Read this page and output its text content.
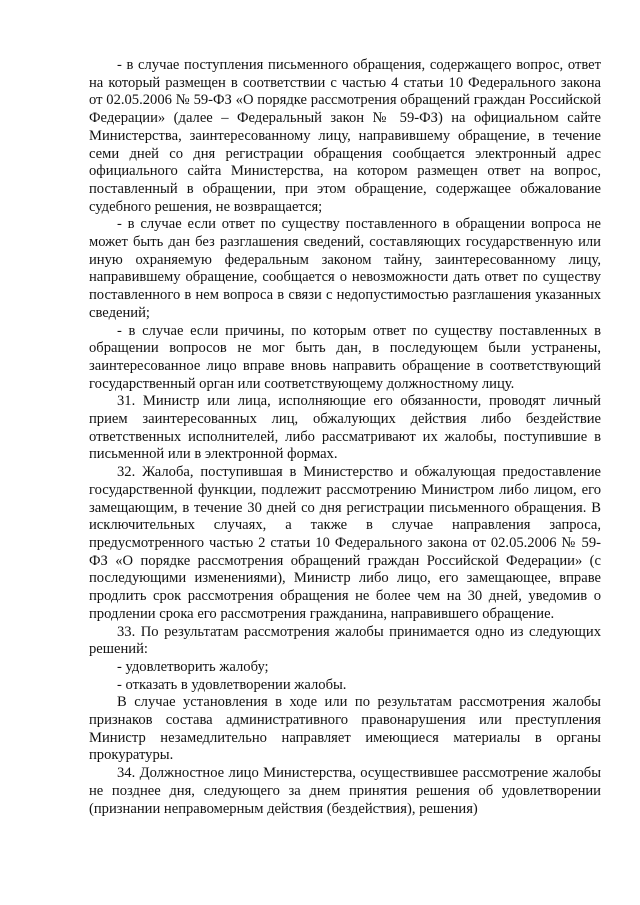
- в случае поступления письменного обращения, содержащего вопрос, ответ на который размещен в соответствии с частью 4 статьи 10 Федерального закона от 02.05.2006 № 59-ФЗ «О порядке рассмотрения обращений граждан Российской Федерации» (далее – Федеральный закон № 59-ФЗ) на официальном сайте Министерства, заинтересованному лицу, направившему обращение, в течение семи дней со дня регистрации обращения сообщается электронный адрес официального сайта Министерства, на котором размещен ответ на вопрос, поставленный в обращении, при этом обращение, содержащее обжалование судебного решения, не возвращается;

- в случае если ответ по существу поставленного в обращении вопроса не может быть дан без разглашения сведений, составляющих государственную или иную охраняемую федеральным законом тайну, заинтересованному лицу, направившему обращение, сообщается о невозможности дать ответ по существу поставленного в нем вопроса в связи с недопустимостью разглашения указанных сведений;

- в случае если причины, по которым ответ по существу поставленных в обращении вопросов не мог быть дан, в последующем были устранены, заинтересованное лицо вправе вновь направить обращение в соответствующий государственный орган или соответствующему должностному лицу.

31. Министр или лица, исполняющие его обязанности, проводят личный прием заинтересованных лиц, обжалующих действия либо бездействие ответственных исполнителей, либо рассматривают их жалобы, поступившие в письменной или в электронной формах.

32. Жалоба, поступившая в Министерство и обжалующая предоставление государственной функции, подлежит рассмотрению Министром либо лицом, его замещающим, в течение 30 дней со дня регистрации письменного обращения. В исключительных случаях, а также в случае направления запроса, предусмотренного частью 2 статьи 10 Федерального закона от 02.05.2006 № 59-ФЗ «О порядке рассмотрения обращений граждан Российской Федерации» (с последующими изменениями), Министр либо лицо, его замещающее, вправе продлить срок рассмотрения обращения не более чем на 30 дней, уведомив о продлении срока его рассмотрения гражданина, направившего обращение.

33. По результатам рассмотрения жалобы принимается одно из следующих решений:

- удовлетворить жалобу;

- отказать в удовлетворении жалобы.

В случае установления в ходе или по результатам рассмотрения жалобы признаков состава административного правонарушения или преступления Министр незамедлительно направляет имеющиеся материалы в органы прокуратуры.

34. Должностное лицо Министерства, осуществившее рассмотрение жалобы не позднее дня, следующего за днем принятия решения об удовлетворении (признании неправомерным действия (бездействия), решения)
